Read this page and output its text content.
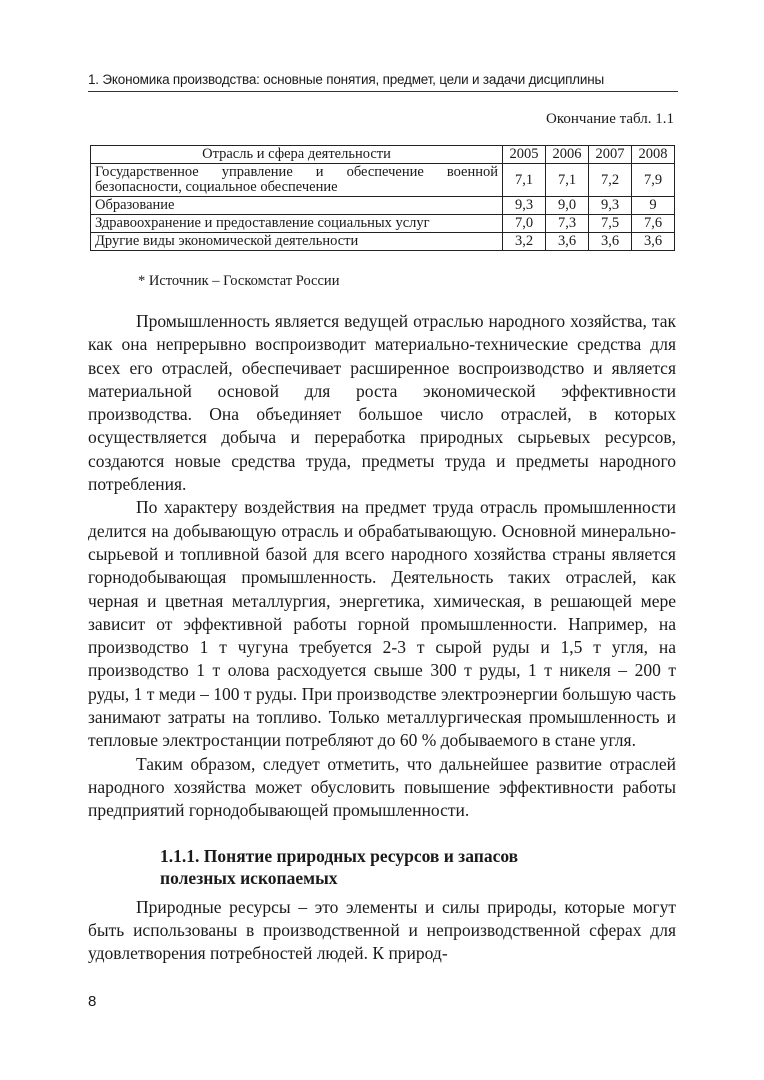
1. Экономика производства: основные понятия, предмет, цели и задачи дисциплины
Окончание табл. 1.1
Отрасль и сфера деятельности	2005	2006	2007	2008
Государственное управление и обеспечение военной безопасности, социальное обеспечение	7,1	7,1	7,2	7,9
Образование	9,3	9,0	9,3	9
Здравоохранение и предоставление социальных услуг	7,0	7,3	7,5	7,6
Другие виды экономической деятельности	3,2	3,6	3,6	3,6
* Источник – Госкомстат России

Промышленность является ведущей отраслью народного хозяйства, так как она непрерывно воспроизводит материально-технические средства для всех его отраслей, обеспечивает расширенное воспроизводство и является материальной основой для роста экономической эффективности производства. Она объединяет большое число отраслей, в которых осуществляется добыча и переработка природных сырьевых ресурсов, создаются новые средства труда, предметы труда и предметы народного потребления.

По характеру воздействия на предмет труда отрасль промышленности делится на добывающую отрасль и обрабатывающую. Основной минерально-сырьевой и топливной базой для всего народного хозяйства страны является горнодобывающая промышленность. Деятельность таких отраслей, как черная и цветная металлургия, энергетика, химическая, в решающей мере зависит от эффективной работы горной промышленности. Например, на производство 1 т чугуна требуется 2-3 т сырой руды и 1,5 т угля, на производство 1 т олова расходуется свыше 300 т руды, 1 т никеля – 200 т руды, 1 т меди – 100 т руды. При производстве электроэнергии большую часть занимают затраты на топливо. Только металлургическая промышленность и тепловые электростанции потребляют до 60 % добываемого в стане угля.

Таким образом, следует отметить, что дальнейшее развитие отраслей народного хозяйства может обусловить повышение эффективности работы предприятий горнодобывающей промышленности.

1.1.1. Понятие природных ресурсов и запасов полезных ископаемых

Природные ресурсы – это элементы и силы природы, которые могут быть использованы в производственной и непроизводственной сферах для удовлетворения потребностей людей. К природ-

8
